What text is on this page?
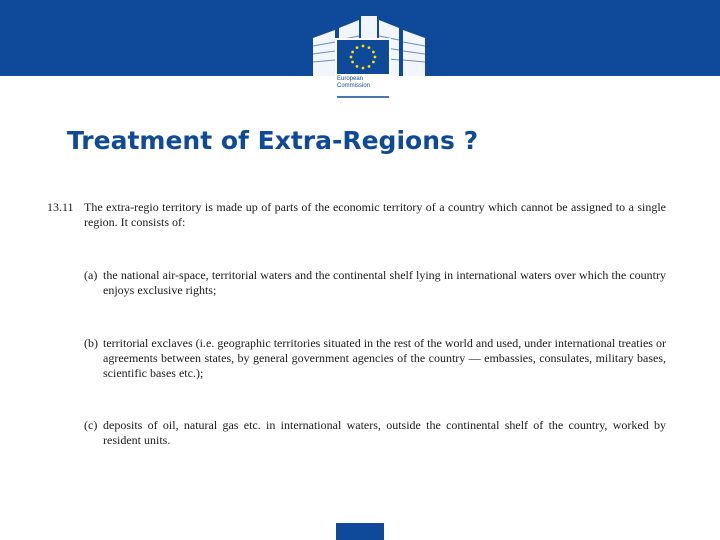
European
Commission
Treatment of Extra-Regions ?
13.11 The extra-regio territory is made up of parts of the economic territory of a country which cannot be assigned to a single region. It consists of:
(a) the national air-space, territorial waters and the continental shelf lying in international waters over which the country enjoys exclusive rights;
(b) territorial exclaves (i.e. geographic territories situated in the rest of the world and used, under international treaties or agreements between states, by general government agencies of the country — embassies, consulates, military bases, scientific bases etc.);
(c) deposits of oil, natural gas etc. in international waters, outside the continental shelf of the country, worked by resident units.
